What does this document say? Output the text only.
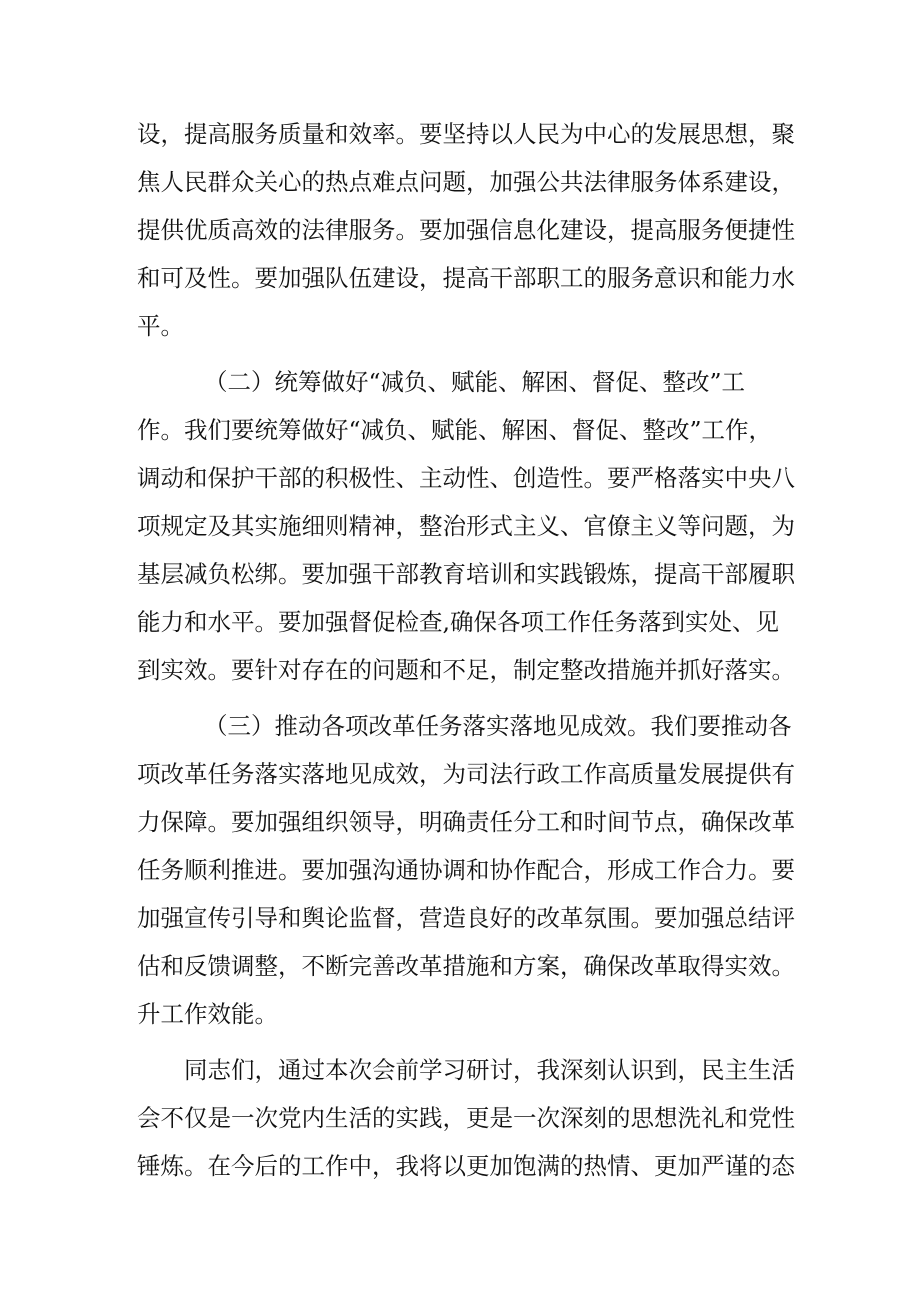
设，提高服务质量和效率。要坚持以人民为中心的发展思想，聚
焦人民群众关心的热点难点问题，加强公共法律服务体系建设，
提供优质高效的法律服务。要加强信息化建设，提高服务便捷性
和可及性。要加强队伍建设，提高干部职工的服务意识和能力水
平。
（二）统筹做好“减负、赋能、解困、督促、整改”工
作。我们要统筹做好“减负、赋能、解困、督促、整改”工作，
调动和保护干部的积极性、主动性、创造性。要严格落实中央八
项规定及其实施细则精神，整治形式主义、官僚主义等问题，为
基层减负松绑。要加强干部教育培训和实践锻炼，提高干部履职
能力和水平。要加强督促检查,确保各项工作任务落到实处、见
到实效。要针对存在的问题和不足，制定整改措施并抓好落实。
（三）推动各项改革任务落实落地见成效。我们要推动各
项改革任务落实落地见成效，为司法行政工作高质量发展提供有
力保障。要加强组织领导，明确责任分工和时间节点，确保改革
任务顺利推进。要加强沟通协调和协作配合，形成工作合力。要
加强宣传引导和舆论监督，营造良好的改革氛围。要加强总结评
估和反馈调整，不断完善改革措施和方案，确保改革取得实效。
升工作效能。
同志们，通过本次会前学习研讨，我深刻认识到，民主生活
会不仅是一次党内生活的实践，更是一次深刻的思想洗礼和党性
锤炼。在今后的工作中，我将以更加饱满的热情、更加严谨的态
